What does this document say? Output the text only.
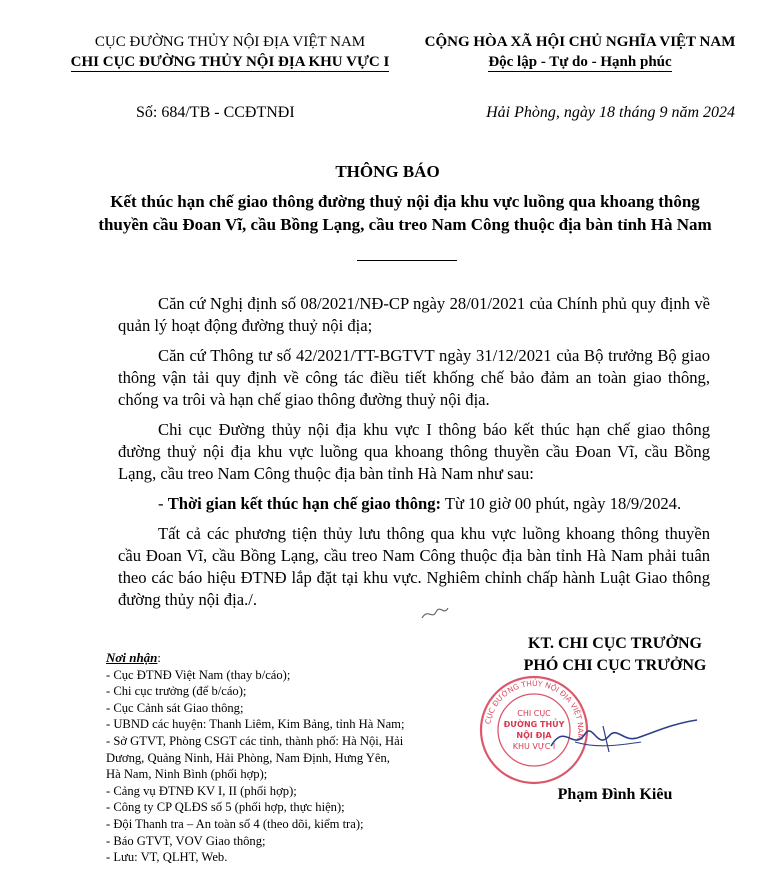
CỤC ĐƯỜNG THỦY NỘI ĐỊA VIỆT NAM
CHI CỤC ĐƯỜNG THỦY NỘI ĐỊA KHU VỰC I
CỘNG HÒA XÃ HỘI CHỦ NGHĨA VIỆT NAM
Độc lập - Tự do - Hạnh phúc
Số: 684/TB - CCĐTNĐI	Hải Phòng, ngày 18 tháng 9 năm 2024
THÔNG BÁO
Kết thúc hạn chế giao thông đường thuỷ nội địa khu vực luồng qua khoang thông thuyền cầu Đoan Vĩ, cầu Bồng Lạng, cầu treo Nam Công thuộc địa bàn tỉnh Hà Nam

Căn cứ Nghị định số 08/2021/NĐ-CP ngày 28/01/2021 của Chính phủ quy định về quản lý hoạt động đường thuỷ nội địa;

Căn cứ Thông tư số 42/2021/TT-BGTVT ngày 31/12/2021 của Bộ trưởng Bộ giao thông vận tải quy định về công tác điều tiết khống chế bảo đảm an toàn giao thông, chống va trôi và hạn chế giao thông đường thuỷ nội địa.

Chi cục Đường thủy nội địa khu vực I thông báo kết thúc hạn chế giao thông đường thuỷ nội địa khu vực luồng qua khoang thông thuyền cầu Đoan Vĩ, cầu Bồng Lạng, cầu treo Nam Công thuộc địa bàn tỉnh Hà Nam như sau:

- Thời gian kết thúc hạn chế giao thông: Từ 10 giờ 00 phút, ngày 18/9/2024.

Tất cả các phương tiện thủy lưu thông qua khu vực luồng khoang thông thuyền cầu Đoan Vĩ, cầu Bồng Lạng, cầu treo Nam Công thuộc địa bàn tỉnh Hà Nam phải tuân theo các báo hiệu ĐTNĐ lắp đặt tại khu vực. Nghiêm chỉnh chấp hành Luật Giao thông đường thủy nội địa./.

KT. CHI CỤC TRƯỞNG
PHÓ CHI CỤC TRƯỞNG
CỤC ĐƯỜNG THỦY NỘI ĐỊA VIỆT NAM
CHI CỤC
ĐƯỜNG THỦY
NỘI ĐỊA
KHU VỰC I
Phạm Đình Kiêu
Nơi nhận:
- Cục ĐTNĐ Việt Nam (thay b/cáo);
- Chi cục trưởng (để b/cáo);
- Cục Cảnh sát Giao thông;
- UBND các huyện: Thanh Liêm, Kim Bảng, tỉnh Hà Nam;
- Sở GTVT, Phòng CSGT các tỉnh, thành phố: Hà Nội, Hải
Dương, Quảng Ninh, Hải Phòng, Nam Định, Hưng Yên,
Hà Nam, Ninh Bình (phối hợp);
- Cảng vụ ĐTNĐ KV I, II (phối hợp);
- Công ty CP QLĐS số 5 (phối hợp, thực hiện);
- Đội Thanh tra – An toàn số 4 (theo dõi, kiểm tra);
- Báo GTVT, VOV Giao thông;
- Lưu: VT, QLHT, Web.
